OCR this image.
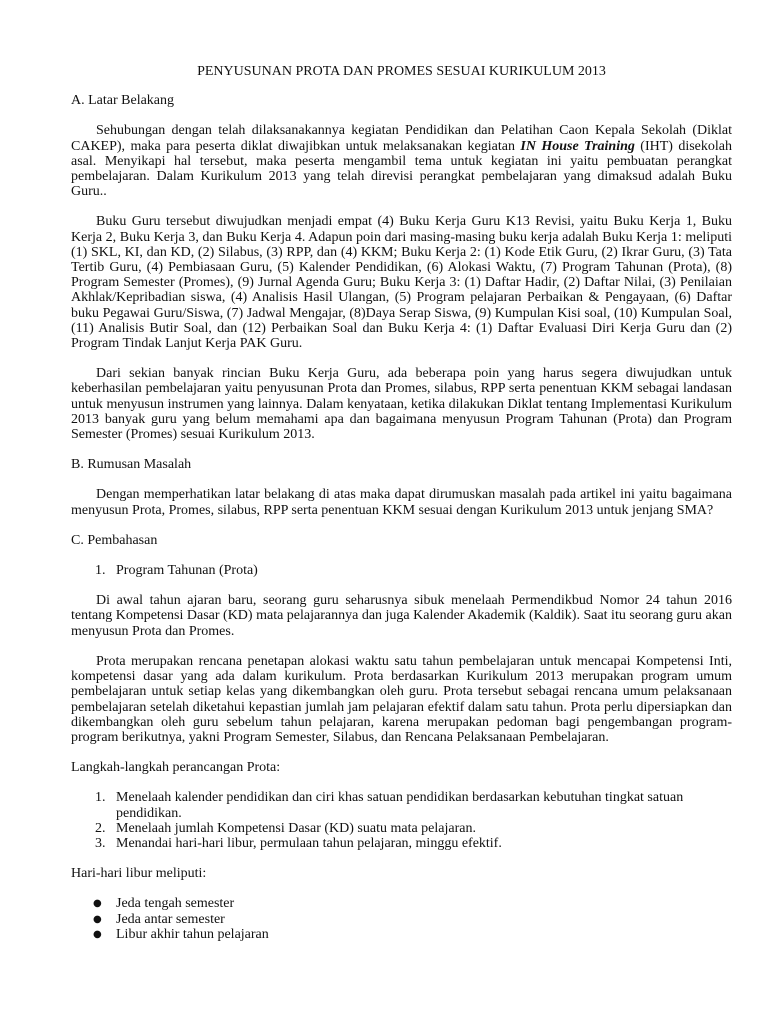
PENYUSUNAN PROTA DAN PROMES SESUAI KURIKULUM 2013
A. Latar Belakang

Sehubungan dengan telah dilaksanakannya kegiatan Pendidikan dan Pelatihan Caon Kepala Sekolah (Diklat CAKEP), maka para peserta diklat diwajibkan untuk melaksanakan kegiatan IN House Training (IHT) disekolah asal. Menyikapi hal tersebut, maka peserta mengambil tema untuk kegiatan ini yaitu pembuatan perangkat pembelajaran. Dalam Kurikulum 2013 yang telah direvisi perangkat pembelajaran yang dimaksud adalah Buku Guru..

Buku Guru tersebut diwujudkan menjadi empat (4) Buku Kerja Guru K13 Revisi, yaitu Buku Kerja 1, Buku Kerja 2, Buku Kerja 3, dan Buku Kerja 4. Adapun poin dari masing-masing buku kerja adalah Buku Kerja 1: meliputi (1) SKL, KI, dan KD, (2) Silabus, (3) RPP, dan (4) KKM; Buku Kerja 2: (1) Kode Etik Guru, (2) Ikrar Guru, (3) Tata Tertib Guru, (4) Pembiasaan Guru, (5) Kalender Pendidikan, (6) Alokasi Waktu, (7) Program Tahunan (Prota), (8) Program Semester (Promes), (9) Jurnal Agenda Guru; Buku Kerja 3: (1) Daftar Hadir, (2) Daftar Nilai, (3) Penilaian Akhlak/Kepribadian siswa, (4) Analisis Hasil Ulangan, (5) Program pelajaran Perbaikan & Pengayaan, (6) Daftar buku Pegawai Guru/Siswa, (7) Jadwal Mengajar, (8)Daya Serap Siswa, (9) Kumpulan Kisi soal, (10) Kumpulan Soal, (11) Analisis Butir Soal, dan (12) Perbaikan Soal dan Buku Kerja 4: (1) Daftar Evaluasi Diri Kerja Guru dan (2) Program Tindak Lanjut Kerja PAK Guru.

Dari sekian banyak rincian Buku Kerja Guru, ada beberapa poin yang harus segera diwujudkan untuk keberhasilan pembelajaran yaitu penyusunan Prota dan Promes, silabus, RPP serta penentuan KKM sebagai landasan untuk menyusun instrumen yang lainnya. Dalam kenyataan, ketika dilakukan Diklat tentang Implementasi Kurikulum 2013 banyak guru yang belum memahami apa dan bagaimana menyusun Program Tahunan (Prota) dan Program Semester (Promes) sesuai Kurikulum 2013.

B. Rumusan Masalah

Dengan memperhatikan latar belakang di atas maka dapat dirumuskan masalah pada artikel ini yaitu bagaimana menyusun Prota, Promes, silabus, RPP serta penentuan KKM sesuai dengan Kurikulum 2013 untuk jenjang SMA?

C. Pembahasan
1. Program Tahunan (Prota)

Di awal tahun ajaran baru, seorang guru seharusnya sibuk menelaah Permendikbud Nomor 24 tahun 2016 tentang Kompetensi Dasar (KD) mata pelajarannya dan juga Kalender Akademik (Kaldik). Saat itu seorang guru akan menyusun Prota dan Promes.

Prota merupakan rencana penetapan alokasi waktu satu tahun pembelajaran untuk mencapai Kompetensi Inti, kompetensi dasar yang ada dalam kurikulum. Prota berdasarkan Kurikulum 2013 merupakan program umum pembelajaran untuk setiap kelas yang dikembangkan oleh guru. Prota tersebut sebagai rencana umum pelaksanaan pembelajaran setelah diketahui kepastian jumlah jam pelajaran efektif dalam satu tahun. Prota perlu dipersiapkan dan dikembangkan oleh guru sebelum tahun pelajaran, karena merupakan pedoman bagi pengembangan program-program berikutnya, yakni Program Semester, Silabus, dan Rencana Pelaksanaan Pembelajaran.

Langkah-langkah perancangan Prota:
1. Menelaah kalender pendidikan dan ciri khas satuan pendidikan berdasarkan kebutuhan tingkat satuan pendidikan.
2. Menelaah jumlah Kompetensi Dasar (KD) suatu mata pelajaran.
3. Menandai hari-hari libur, permulaan tahun pelajaran, minggu efektif.
Hari-hari libur meliputi:
●	Jeda tengah semester
●	Jeda antar semester
●	Libur akhir tahun pelajaran
